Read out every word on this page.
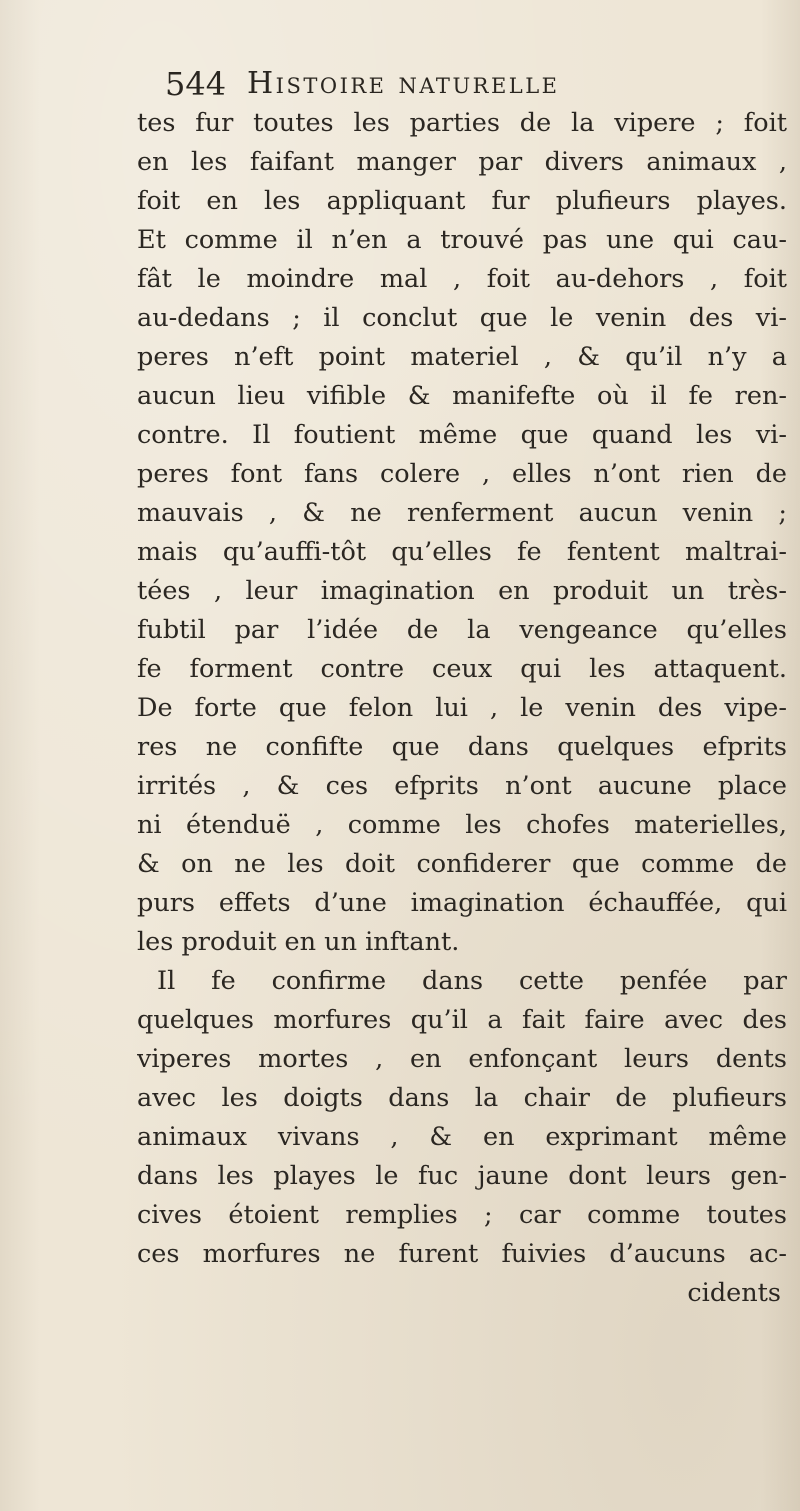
544 Histoire naturelle
tes fur toutes les parties de la vipere ; foit
en les faifant manger par divers animaux ,
foit en les appliquant fur plufieurs playes.
Et comme il n’en a trouvé pas une qui cau-
fât le moindre mal , foit au-dehors , foit
au-dedans ; il conclut que le venin des vi-
peres n’eft point materiel , & qu’il n’y a
aucun lieu vifible & manifefte où il fe ren-
contre. Il foutient même que quand les vi-
peres font fans colere , elles n’ont rien de
mauvais , & ne renferment aucun venin ;
mais qu’auffi-tôt qu’elles fe fentent maltrai-
tées , leur imagination en produit un très-
fubtil par l’idée de la vengeance qu’elles
fe forment contre ceux qui les attaquent.
De forte que felon lui , le venin des vipe-
res ne confifte que dans quelques efprits
irrités , & ces efprits n’ont aucune place
ni étenduë , comme les chofes materielles,
& on ne les doit confiderer que comme de
purs effets d’une imagination échauffée, qui
les produit en un inftant.
Il fe confirme dans cette penfée par
quelques morfures qu’il a fait faire avec des
viperes mortes , en enfonçant leurs dents
avec les doigts dans la chair de plufieurs
animaux vivans , & en exprimant même
dans les playes le fuc jaune dont leurs gen-
cives étoient remplies ; car comme toutes
ces morfures ne furent fuivies d’aucuns ac-
cidents
